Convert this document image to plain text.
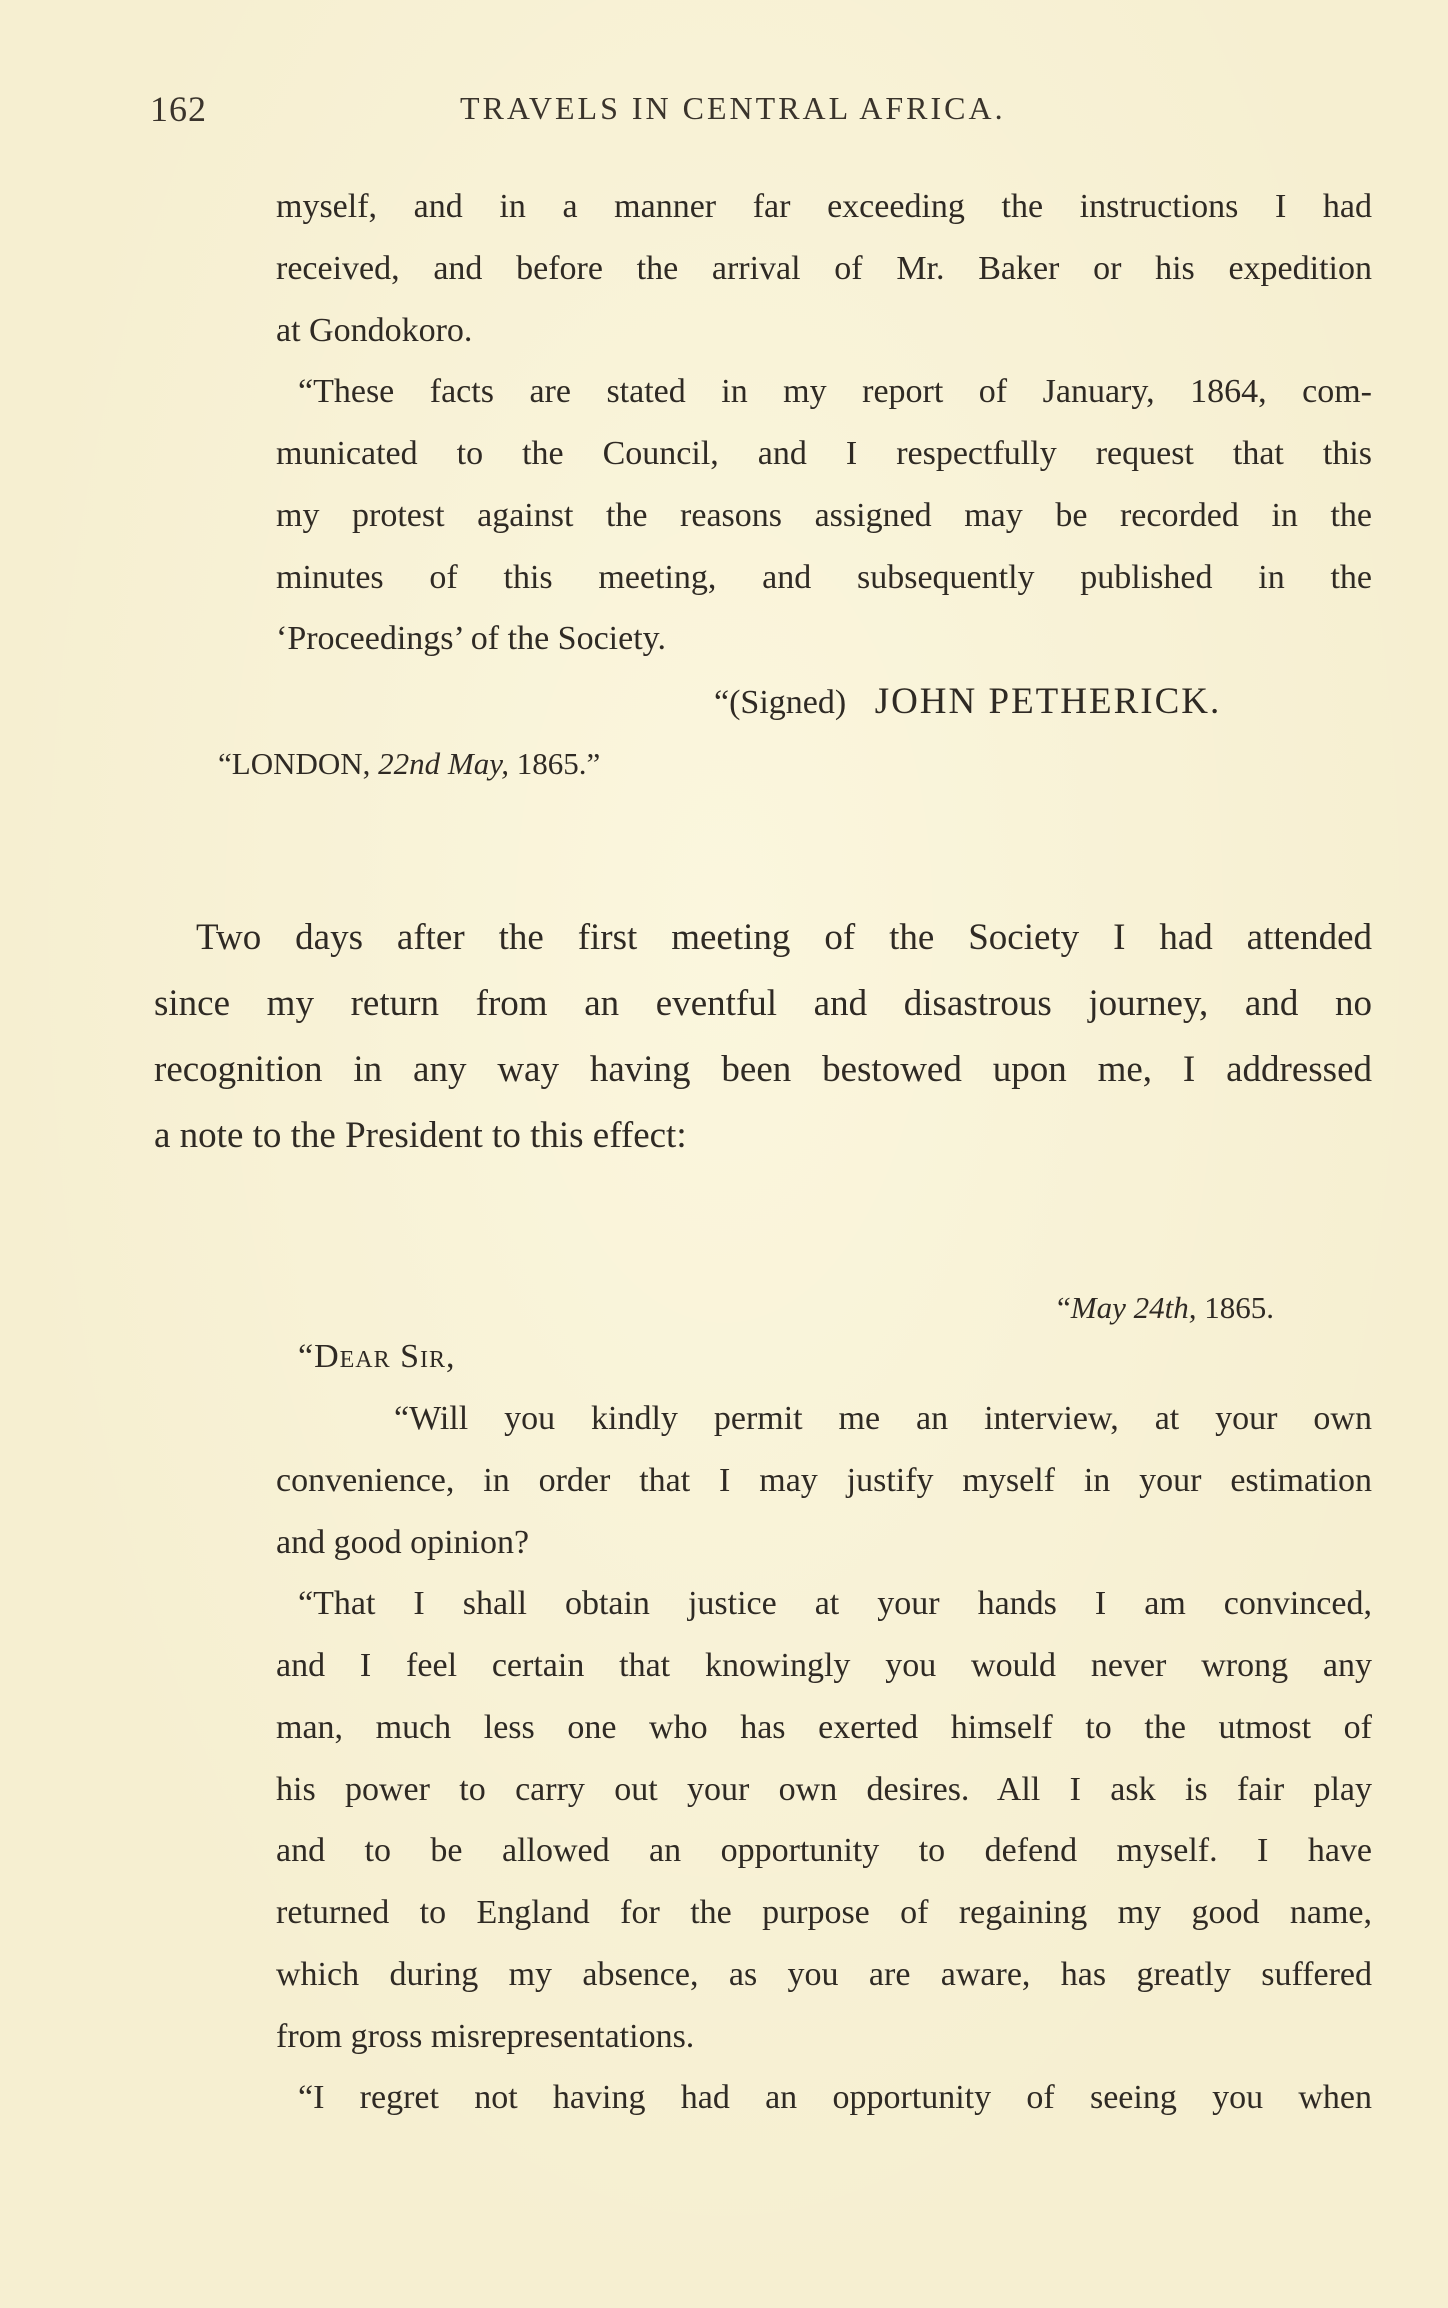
162	TRAVELS IN CENTRAL AFRICA.
myself, and in a manner far exceeding the instructions I had
received, and before the arrival of Mr. Baker or his expedition
at Gondokoro.
“These facts are stated in my report of January, 1864, com-
municated to the Council, and I respectfully request that this
my protest against the reasons assigned may be recorded in the
minutes of this meeting, and subsequently published in the
‘Proceedings’ of the Society.
“(Signed) JOHN PETHERICK.
“LONDON, 22nd May, 1865.”
Two days after the first meeting of the Society I had attended
since my return from an eventful and disastrous journey, and no
recognition in any way having been bestowed upon me, I addressed
a note to the President to this effect:
“May 24th, 1865.
“Dear Sir,
“Will you kindly permit me an interview, at your own
convenience, in order that I may justify myself in your estimation
and good opinion?
“That I shall obtain justice at your hands I am convinced,
and I feel certain that knowingly you would never wrong any
man, much less one who has exerted himself to the utmost of
his power to carry out your own desires. All I ask is fair play
and to be allowed an opportunity to defend myself. I have
returned to England for the purpose of regaining my good name,
which during my absence, as you are aware, has greatly suffered
from gross misrepresentations.
“I regret not having had an opportunity of seeing you when
